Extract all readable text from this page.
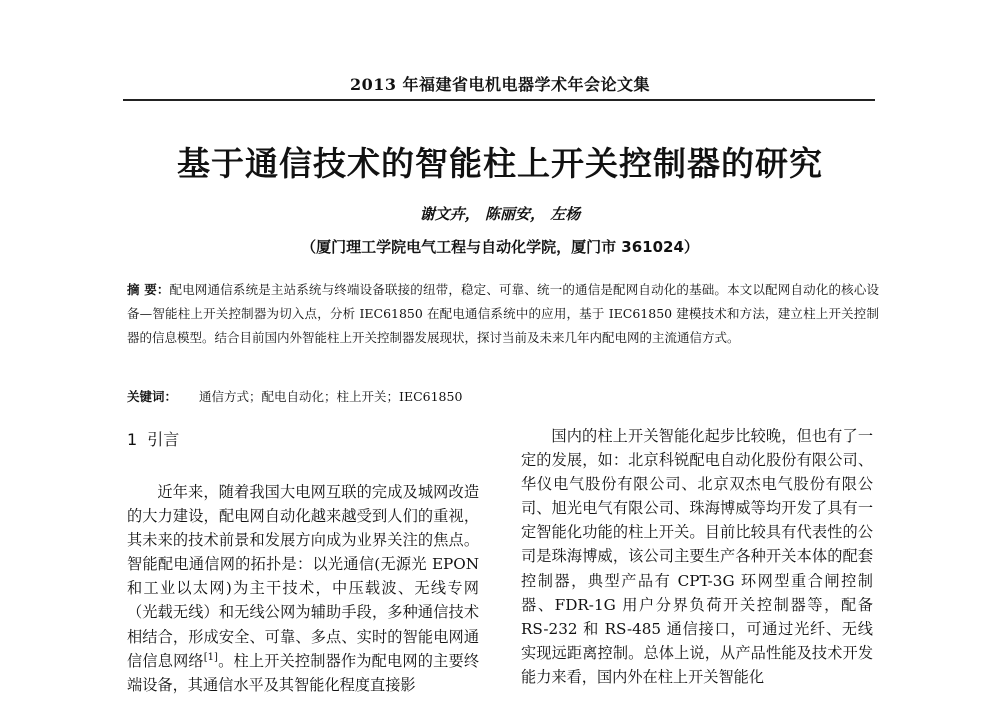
2013 年福建省电机电器学术年会论文集
基于通信技术的智能柱上开关控制器的研究
谢文卉， 陈丽安， 左杨
（厦门理工学院电气工程与自动化学院，厦门市 361024）
摘 要：配电网通信系统是主站系统与终端设备联接的纽带，稳定、可靠、统一的通信是配网自动化的基础。本文以配网自动化的核心设备—智能柱上开关控制器为切入点，分析 IEC61850 在配电通信系统中的应用，基于 IEC61850 建模技术和方法，建立柱上开关控制器的信息模型。结合目前国内外智能柱上开关控制器发展现状，探讨当前及未来几年内配电网的主流通信方式。
关键词： 通信方式；配电自动化；柱上开关；IEC61850
1 引言

近年来，随着我国大电网互联的完成及城网改造的大力建设，配电网自动化越来越受到人们的重视，其未来的技术前景和发展方向成为业界关注的焦点。智能配电通信网的拓扑是：以光通信(无源光 EPON 和工业以太网)为主干技术，中压载波、无线专网（光载无线）和无线公网为辅助手段，多种通信技术相结合，形成安全、可靠、多点、实时的智能电网通信信息网络[1]。柱上开关控制器作为配电网的主要终端设备，其通信水平及其智能化程度直接影

国内的柱上开关智能化起步比较晚，但也有了一定的发展，如：北京科锐配电自动化股份有限公司、华仪电气股份有限公司、北京双杰电气股份有限公司、旭光电气有限公司、珠海博威等均开发了具有一定智能化功能的柱上开关。目前比较具有代表性的公司是珠海博威，该公司主要生产各种开关本体的配套控制器，典型产品有 CPT-3G 环网型重合闸控制器、FDR-1G 用户分界负荷开关控制器等，配备 RS-232 和 RS-485 通信接口，可通过光纤、无线实现远距离控制。总体上说，从产品性能及技术开发能力来看，国内外在柱上开关智能化
